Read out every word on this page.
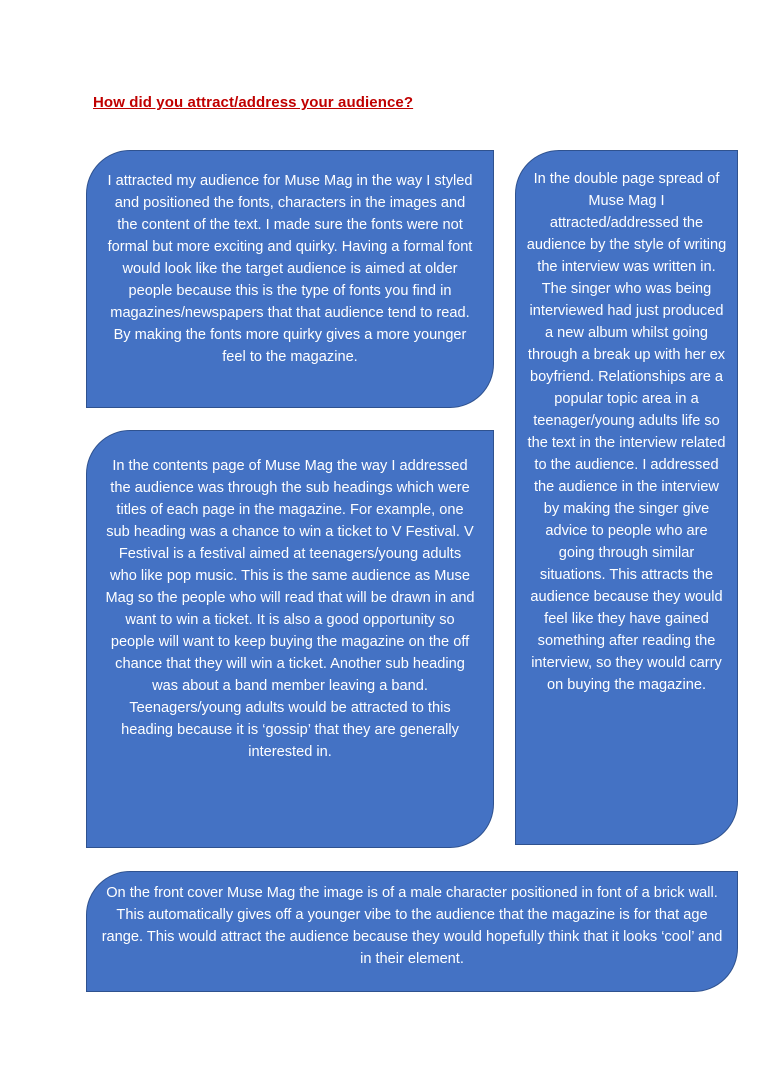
How did you attract/address your audience?

I attracted my audience for Muse Mag in the way I styled and positioned the fonts, characters in the images and the content of the text. I made sure the fonts were not formal but more exciting and quirky. Having a formal font would look like the target audience is aimed at older people because this is the type of fonts you find in magazines/newspapers that that audience tend to read. By making the fonts more quirky gives a more younger feel to the magazine.

In the double page spread of Muse Mag I attracted/addressed the audience by the style of writing the interview was written in. The singer who was being interviewed had just produced a new album whilst going through a break up with her ex boyfriend. Relationships are a popular topic area in a teenager/young adults life so the text in the interview related to the audience. I addressed the audience in the interview by making the singer give advice to people who are going through similar situations. This attracts the audience because they would feel like they have gained something after reading the interview, so they would carry on buying the magazine.

In the contents page of Muse Mag the way I addressed the audience was through the sub headings which were titles of each page in the magazine. For example, one sub heading was a chance to win a ticket to V Festival. V Festival is a festival aimed at teenagers/young adults who like pop music. This is the same audience as Muse Mag so the people who will read that will be drawn in and want to win a ticket. It is also a good opportunity so people will want to keep buying the magazine on the off chance that they will win a ticket. Another sub heading was about a band member leaving a band. Teenagers/young adults would be attracted to this heading because it is ‘gossip’ that they are generally interested in.

On the front cover Muse Mag the image is of a male character positioned in font of a brick wall. This automatically gives off a younger vibe to the audience that the magazine is for that age range. This would attract the audience because they would hopefully think that it looks ‘cool’ and in their element.
